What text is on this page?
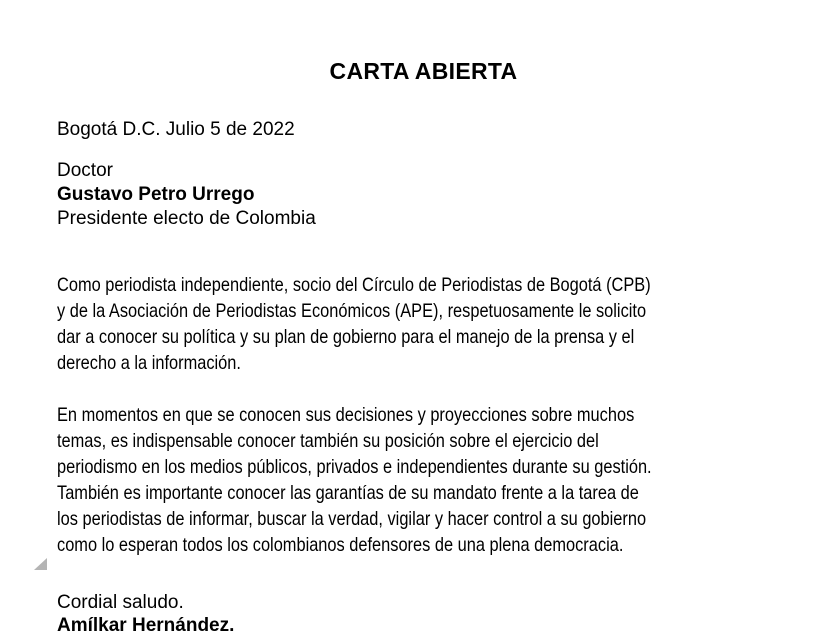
CARTA ABIERTA
Bogotá D.C. Julio 5 de 2022
Doctor
Gustavo Petro Urrego
Presidente electo de Colombia

Como periodista independiente, socio del Círculo de Periodistas de Bogotá (CPB)
y de la Asociación de Periodistas Económicos (APE), respetuosamente le solicito
dar a conocer su política y su plan de gobierno para el manejo de la prensa y el
derecho a la información.

En momentos en que se conocen sus decisiones y proyecciones sobre muchos
temas, es indispensable conocer también su posición sobre el ejercicio del
periodismo en los medios públicos, privados e independientes durante su gestión.
También es importante conocer las garantías de su mandato frente a la tarea de
los periodistas de informar, buscar la verdad, vigilar y hacer control a su gobierno
como lo esperan todos los colombianos defensores de una plena democracia.

Cordial saludo.
Amílkar Hernández.
